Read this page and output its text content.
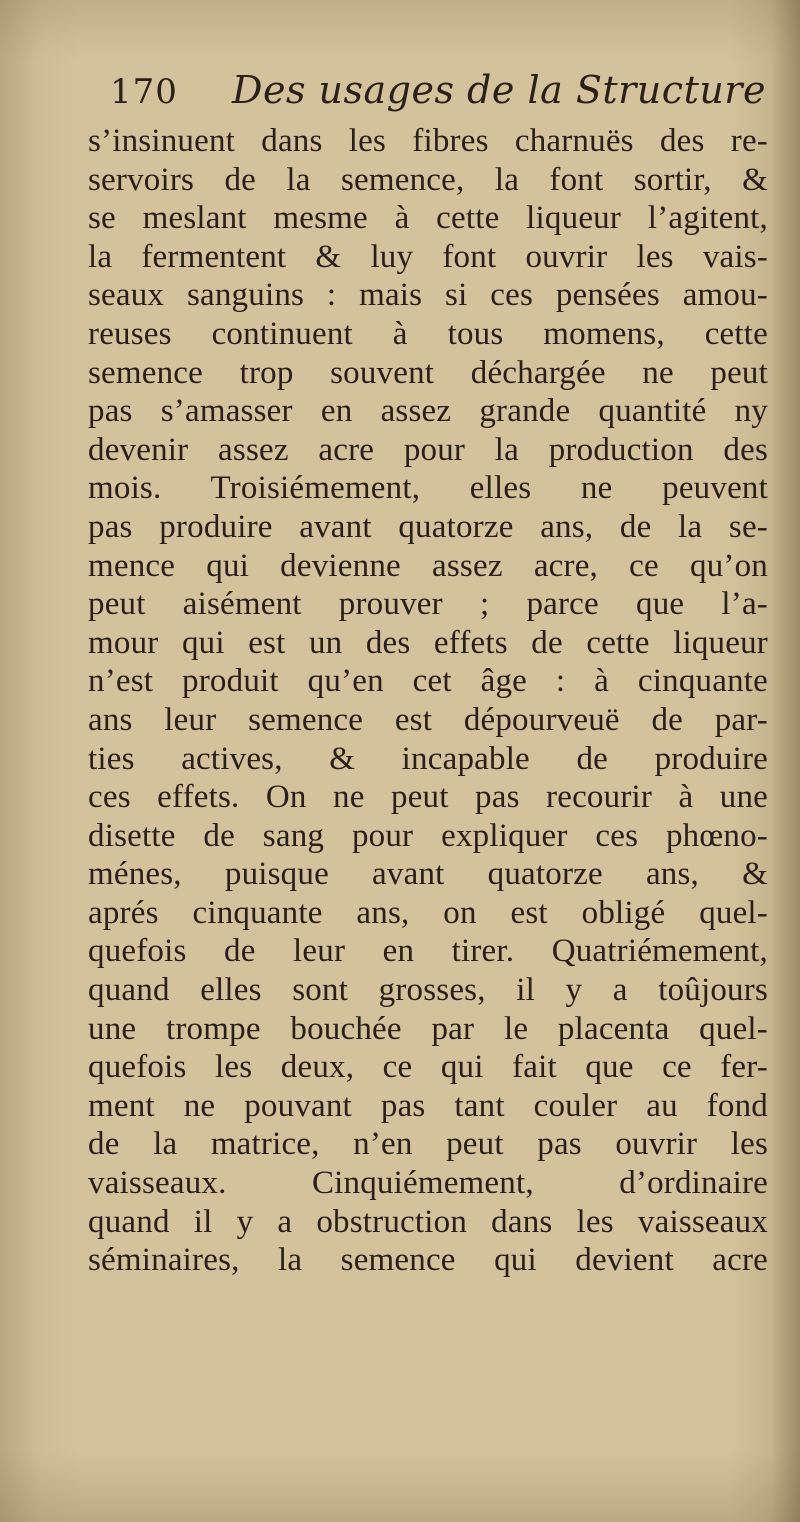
170 Des usages de la Structure
s’insinuent dans les fibres charnuës des re-
servoirs de la semence, la font sortir, &
se meslant mesme à cette liqueur l’agitent,
la fermentent & luy font ouvrir les vais-
seaux sanguins : mais si ces pensées amou-
reuses continuent à tous momens, cette
semence trop souvent déchargée ne peut
pas s’amasser en assez grande quantité ny
devenir assez acre pour la production des
mois. Troisiémement, elles ne peuvent
pas produire avant quatorze ans, de la se-
mence qui devienne assez acre, ce qu’on
peut aisément prouver ; parce que l’a-
mour qui est un des effets de cette liqueur
n’est produit qu’en cet âge : à cinquante
ans leur semence est dépourveuë de par-
ties actives, & incapable de produire
ces effets. On ne peut pas recourir à une
disette de sang pour expliquer ces phœno-
ménes, puisque avant quatorze ans, &
aprés cinquante ans, on est obligé quel-
quefois de leur en tirer. Quatriémement,
quand elles sont grosses, il y a toûjours
une trompe bouchée par le placenta quel-
quefois les deux, ce qui fait que ce fer-
ment ne pouvant pas tant couler au fond
de la matrice, n’en peut pas ouvrir les
vaisseaux. Cinquiémement, d’ordinaire
quand il y a obstruction dans les vaisseaux
séminaires, la semence qui devient acre
